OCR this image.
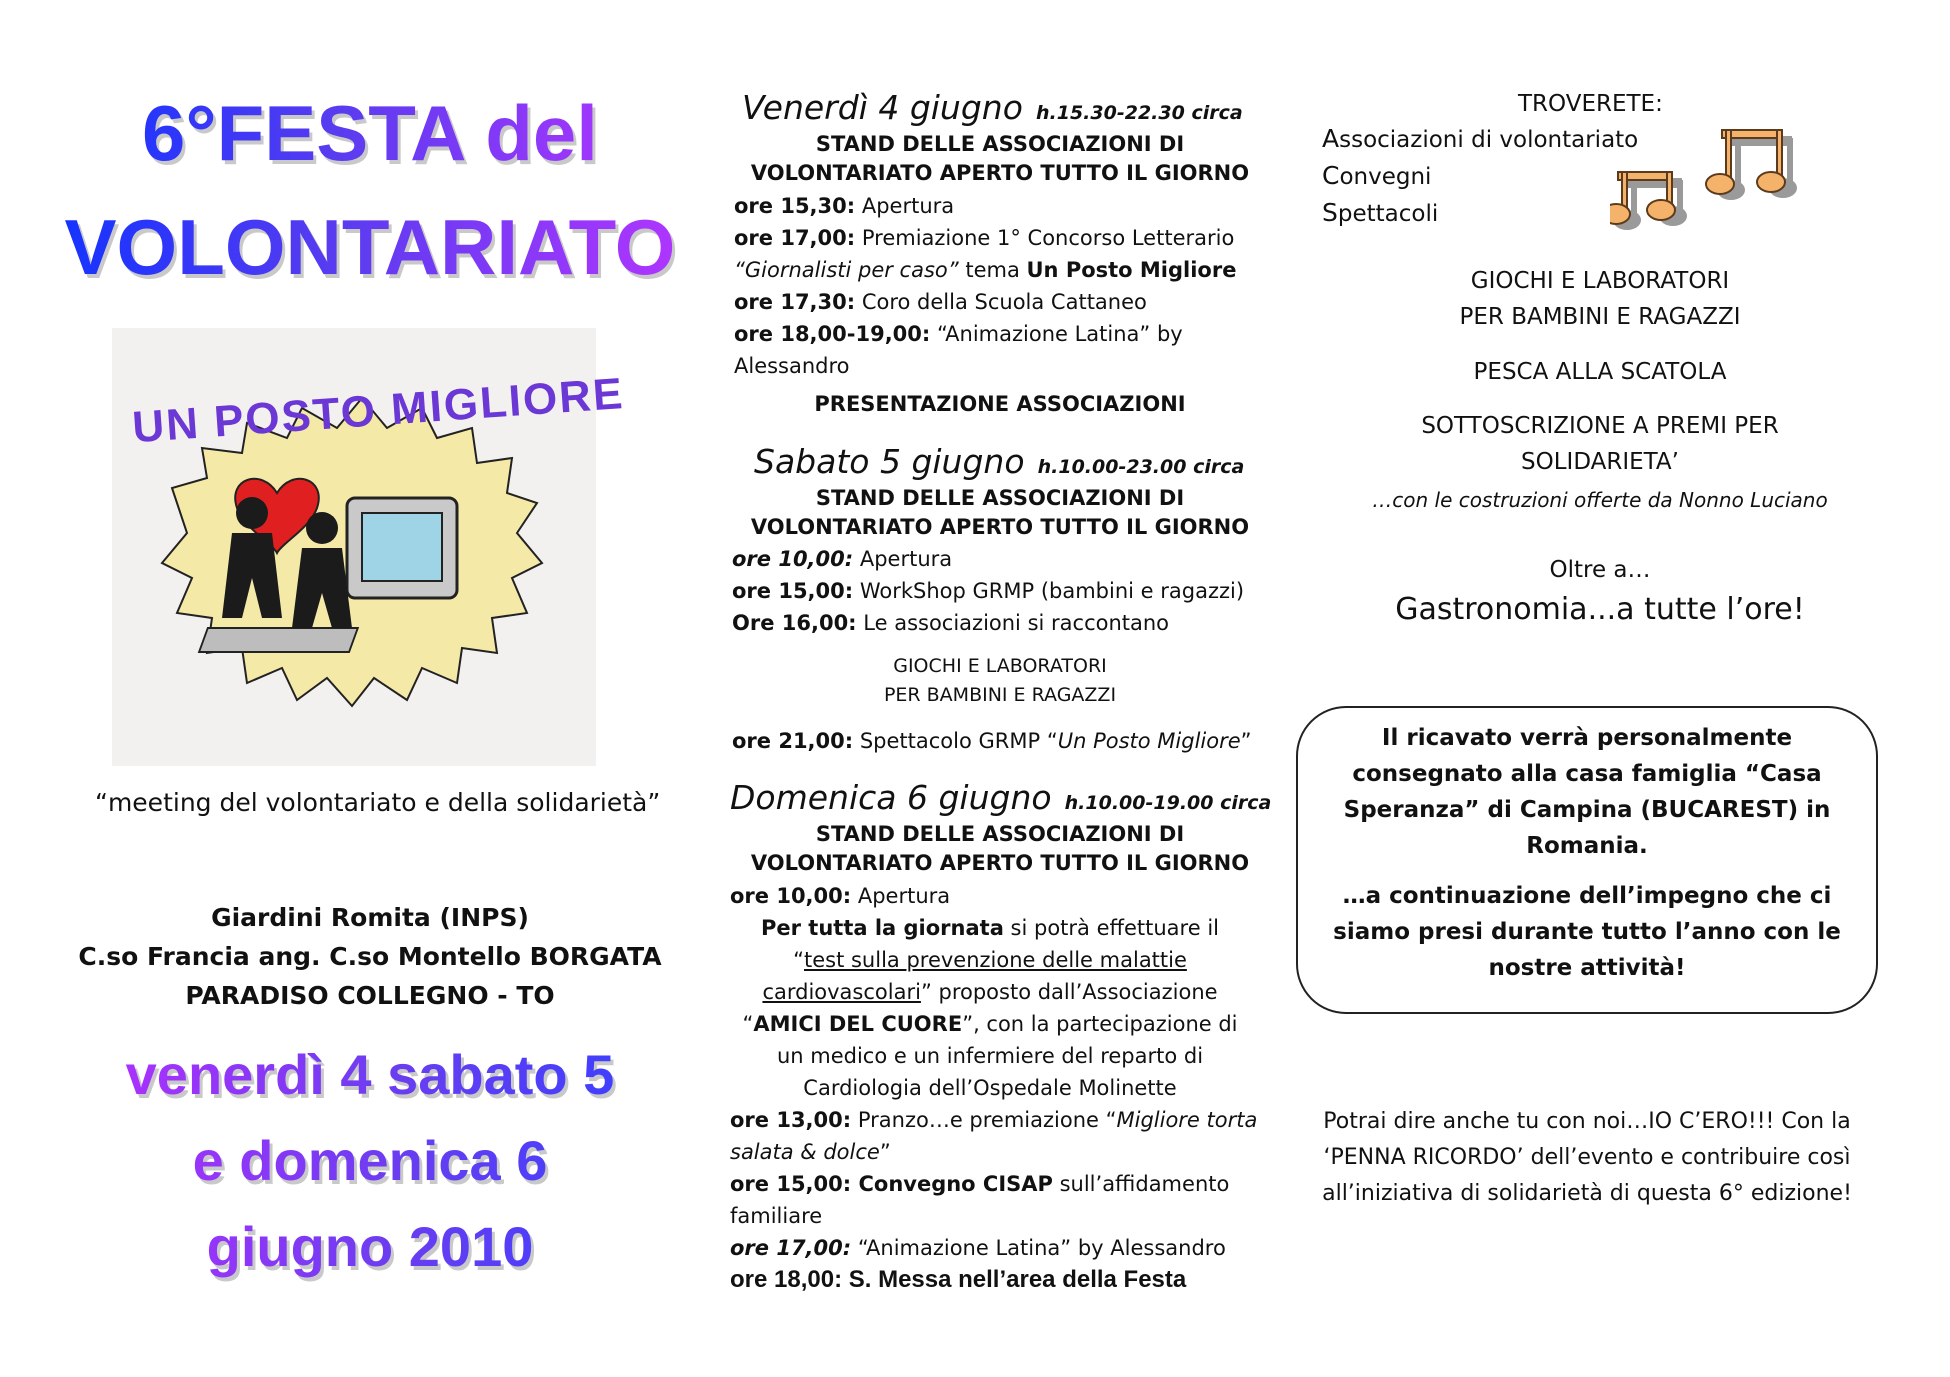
6°FESTA del
VOLONTARIATO
UN POSTO MIGLIORE
“meeting del volontariato e della solidarietà”
Giardini Romita (INPS)
C.so Francia ang. C.so Montello BORGATA
PARADISO COLLEGNO - TO
venerdì 4 sabato 5
e domenica 6
giugno 2010
Venerdì 4 giugno h.15.30-22.30 circa
STAND DELLE ASSOCIAZIONI DI VOLONTARIATO APERTO TUTTO IL GIORNO
ore 15,30: Apertura
ore 17,00: Premiazione 1° Concorso Letterario
“Giornalisti per caso” tema Un Posto Migliore
ore 17,30: Coro della Scuola Cattaneo
ore 18,00-19,00: “Animazione Latina” by
Alessandro
PRESENTAZIONE ASSOCIAZIONI
Sabato 5 giugno h.10.00-23.00 circa
STAND DELLE ASSOCIAZIONI DI VOLONTARIATO APERTO TUTTO IL GIORNO
ore 10,00: Apertura
ore 15,00: WorkShop GRMP (bambini e ragazzi)
Ore 16,00: Le associazioni si raccontano
GIOCHI E LABORATORI
PER BAMBINI E RAGAZZI
ore 21,00: Spettacolo GRMP “Un Posto Migliore”
Domenica 6 giugno h.10.00-19.00 circa
STAND DELLE ASSOCIAZIONI DI VOLONTARIATO APERTO TUTTO IL GIORNO
ore 10,00: Apertura
Per tutta la giornata si potrà effettuare il
“test sulla prevenzione delle malattie
cardiovascolari” proposto dall’Associazione
“AMICI DEL CUORE”, con la partecipazione di
un medico e un infermiere del reparto di
Cardiologia dell’Ospedale Molinette
ore 13,00: Pranzo…e premiazione “Migliore torta
salata & dolce”
ore 15,00: Convegno CISAP sull’affidamento
familiare
ore 17,00: “Animazione Latina” by Alessandro
ore 18,00: S. Messa nell’area della Festa
TROVERETE:
Associazioni di volontariato
Convegni
Spettacoli
GIOCHI E LABORATORI
PER BAMBINI E RAGAZZI
PESCA ALLA SCATOLA
SOTTOSCRIZIONE A PREMI PER
SOLIDARIETA’
…con le costruzioni offerte da Nonno Luciano
Oltre a…
Gastronomia...a tutte l’ore!
Il ricavato verrà personalmente consegnato alla casa famiglia “Casa Speranza” di Campina (BUCAREST) in Romania.
…a continuazione dell’impegno che ci siamo presi durante tutto l’anno con le nostre attività!
Potrai dire anche tu con noi…IO C’ERO!!! Con la ‘PENNA RICORDO’ dell’evento e contribuire così all’iniziativa di solidarietà di questa 6° edizione!
